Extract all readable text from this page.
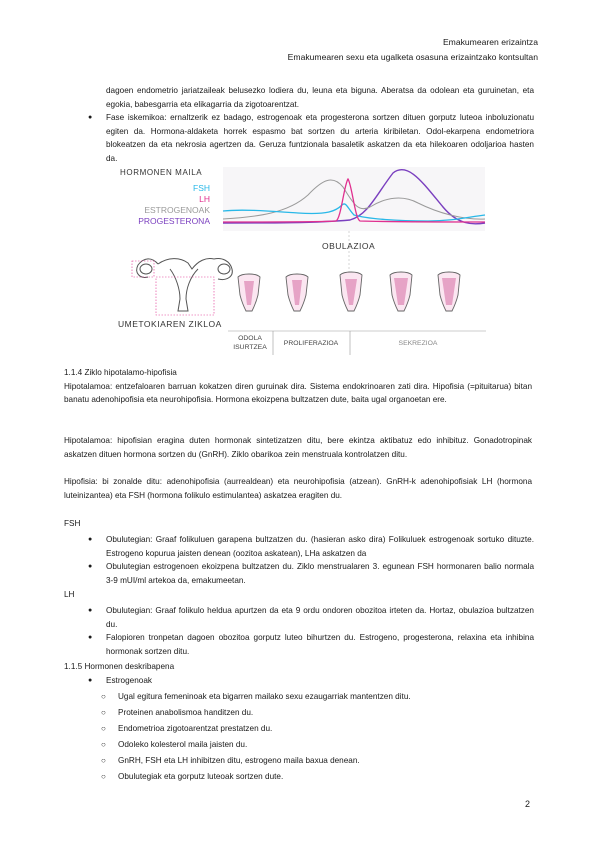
Emakumearen erizaintza
Emakumearen sexu eta ugalketa osasuna erizaintzako kontsultan
dagoen endometrio jariatzaileak belusezko lodiera du, leuna eta biguna. Aberatsa da odolean eta guruinetan, eta egokia, babesgarria eta elikagarria da zigotoarentzat.
● Fase iskemikoa: ernaltzerik ez badago, estrogenoak eta progesterona sortzen dituen gorputz luteoa inboluzionatu egiten da. Hormona-aldaketa horrek espasmo bat sortzen du arteria kiribiletan. Odol-ekarpena endometriora blokeatzen da eta nekrosia agertzen da. Geruza funtzionala basaletik askatzen da eta hilekoaren odoljarioa hasten da.
HORMONEN MAILA
FSH
LH
ESTROGENOAK
PROGESTERONA
OBULAZIOA
UMETOKIAREN ZIKLOA
ODOLA
ISURTZEA
PROLIFERAZIOA	SEKREZIOA

1.1.4 Ziklo hipotalamo-hipofisia

Hipotalamoa: entzefaloaren barruan kokatzen diren guruinak dira. Sistema endokrinoaren zati dira. Hipofisia (=pituitarua) bitan banatu adenohipofisia eta neurohipofisia. Hormona ekoizpena bultzatzen dute, baita ugal organoetan ere.

Hipotalamoa: hipofisian eragina duten hormonak sintetizatzen ditu, bere ekintza aktibatuz edo inhibituz. Gonadotropinak askatzen dituen hormona sortzen du (GnRH). Ziklo obarikoa zein menstruala kontrolatzen ditu.
Hipofisia: bi zonalde ditu: adenohipofisia (aurrealdean) eta neurohipofisia (atzean). GnRH-k adenohipofisiak LH (hormona luteinizantea) eta FSH (hormona folikulo estimulantea) askatzea eragiten du.
FSH
● Obulutegian: Graaf folikuluen garapena bultzatzen du. (hasieran asko dira) Folikuluek estrogenoak sortuko dituzte. Estrogeno kopurua jaisten denean (oozitoa askatean), LHa askatzen da
● Obulutegian estrogenoen ekoizpena bultzatzen du. Ziklo menstrualaren 3. egunean FSH hormonaren balio normala 3-9 mUI/ml artekoa da, emakumeetan.
LH
● Obulutegian: Graaf folikulo heldua apurtzen da eta 9 ordu ondoren obozitoa irteten da. Hortaz, obulazioa bultzatzen du.
● Falopioren tronpetan dagoen obozitoa gorputz luteo bihurtzen du. Estrogeno, progesterona, relaxina eta inhibina hormonak sortzen ditu.
1.1.5 Hormonen deskribapena
● Estrogenoak
○ Ugal egitura femeninoak eta bigarren mailako sexu ezaugarriak mantentzen ditu.
○ Proteinen anabolismoa handitzen du.
○ Endometrioa zigotoarentzat prestatzen du.
○ Odoleko kolesterol maila jaisten du.
○ GnRH, FSH eta LH inhibitzen ditu, estrogeno maila baxua denean.
○ Obulutegiak eta gorputz luteoak sortzen dute.
2
